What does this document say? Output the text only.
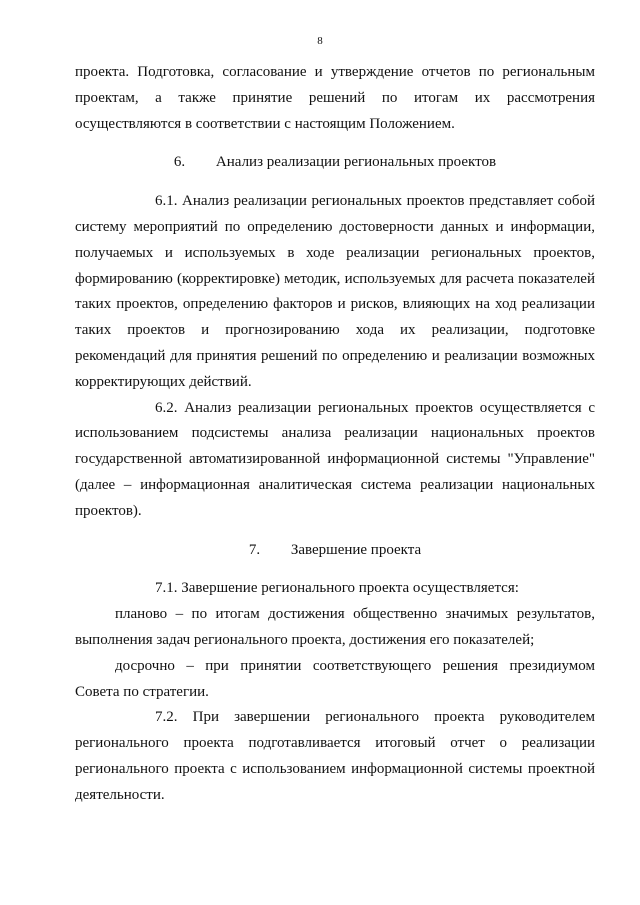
8

проекта. Подготовка, согласование и утверждение отчетов по региональным проектам, а также принятие решений по итогам их рассмотрения осуществляются в соответствии с настоящим Положением.

6. Анализ реализации региональных проектов

6.1. Анализ реализации региональных проектов представляет собой систему мероприятий по определению достоверности данных и информации, получаемых и используемых в ходе реализации региональных проектов, формированию (корректировке) методик, используемых для расчета показателей таких проектов, определению факторов и рисков, влияющих на ход реализации таких проектов и прогнозированию хода их реализации, подготовке рекомендаций для принятия решений по определению и реализации возможных корректирующих действий.

6.2. Анализ реализации региональных проектов осуществляется с использованием подсистемы анализа реализации национальных проектов государственной автоматизированной информационной системы "Управление" (далее – информационная аналитическая система реализации национальных проектов).

7. Завершение проекта

7.1. Завершение регионального проекта осуществляется:

планово – по итогам достижения общественно значимых результатов, выполнения задач регионального проекта, достижения его показателей;

досрочно – при принятии соответствующего решения президиумом Совета по стратегии.

7.2. При завершении регионального проекта руководителем регионального проекта подготавливается итоговый отчет о реализации регионального проекта с использованием информационной системы проектной деятельности.
